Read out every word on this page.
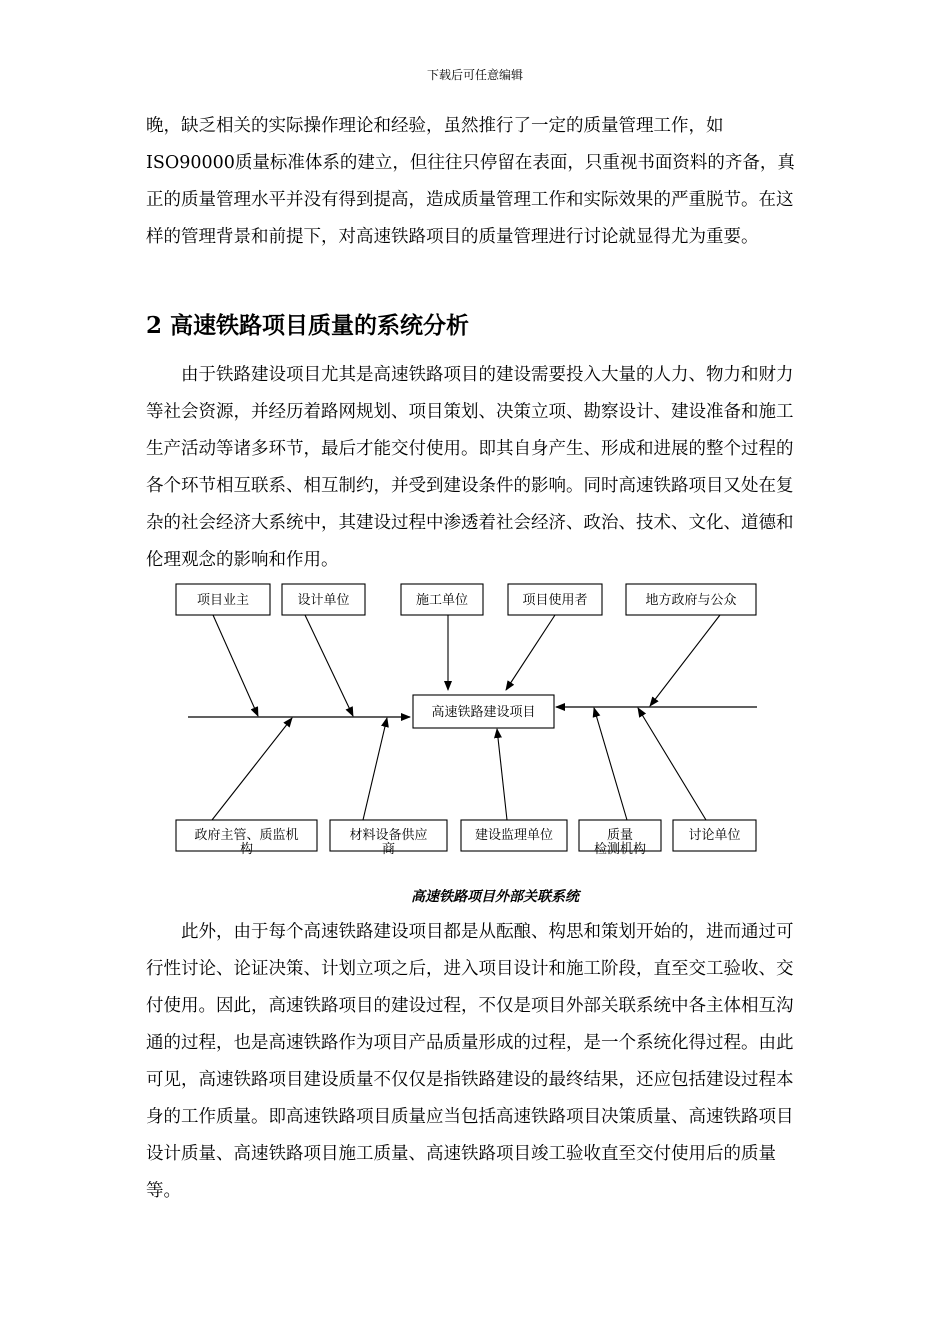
下载后可任意编辑

晚，缺乏相关的实际操作理论和经验，虽然推行了一定的质量管理工作，如ISO90000质量标准体系的建立，但往往只停留在表面，只重视书面资料的齐备，真正的质量管理水平并没有得到提高，造成质量管理工作和实际效果的严重脱节。在这样的管理背景和前提下，对高速铁路项目的质量管理进行讨论就显得尤为重要。

2 高速铁路项目质量的系统分析

由于铁路建设项目尤其是高速铁路项目的建设需要投入大量的人力、物力和财力等社会资源，并经历着路网规划、项目策划、决策立项、勘察设计、建设准备和施工生产活动等诸多环节，最后才能交付使用。即其自身产生、形成和进展的整个过程的各个环节相互联系、相互制约，并受到建设条件的影响。同时高速铁路项目又处在复杂的社会经济大系统中，其建设过程中渗透着社会经济、政治、技术、文化、道德和伦理观念的影响和作用。

高速铁路建设项目
项目业主	设计单位	施工单位	项目使用者	地方政府与公众
政府主管、质监机构
材料设备供应商
建设监理单位	质量检测机构
讨论单位
高速铁路项目外部关联系统

此外，由于每个高速铁路建设项目都是从酝酿、构思和策划开始的，进而通过可行性讨论、论证决策、计划立项之后，进入项目设计和施工阶段，直至交工验收、交付使用。因此，高速铁路项目的建设过程，不仅是项目外部关联系统中各主体相互沟通的过程，也是高速铁路作为项目产品质量形成的过程，是一个系统化得过程。由此可见，高速铁路项目建设质量不仅仅是指铁路建设的最终结果，还应包括建设过程本身的工作质量。即高速铁路项目质量应当包括高速铁路项目决策质量、高速铁路项目设计质量、高速铁路项目施工质量、高速铁路项目竣工验收直至交付使用后的质量等。
